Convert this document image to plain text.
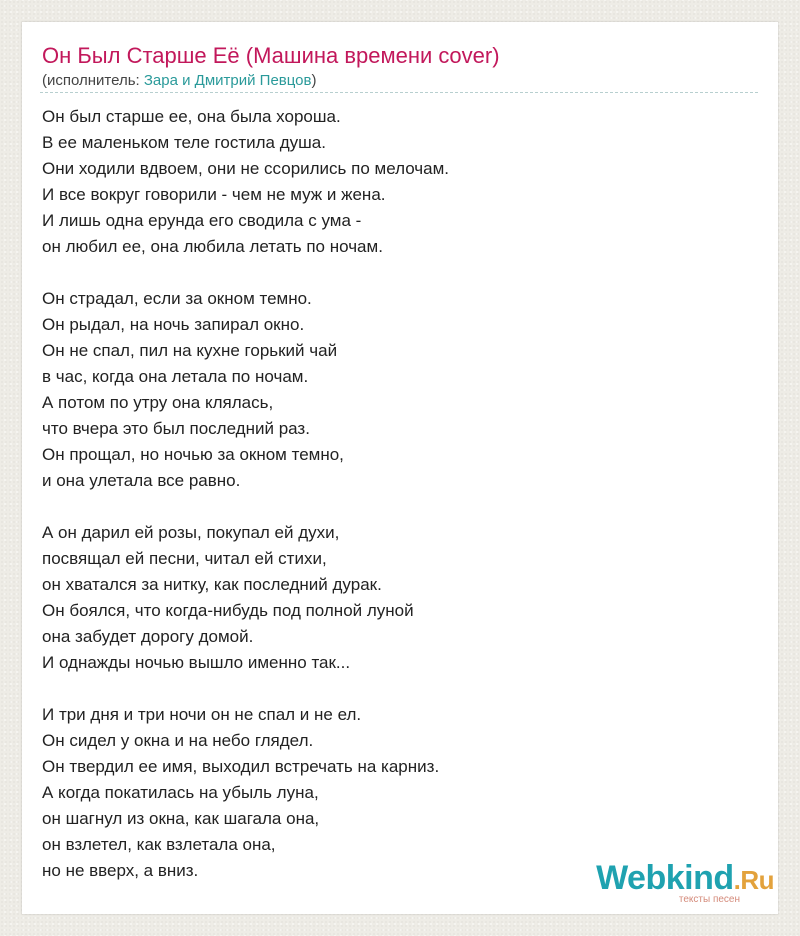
Он Был Старше Её (Машина времени cover)
(исполнитель: Зара и Дмитрий Певцов)
Он был старше ее, она была хороша.
В ее маленьком теле гостила душа.
Они ходили вдвоем, они не ссорились по мелочам.
И все вокруг говорили - чем не муж и жена.
И лишь одна ерунда его сводила с ума -
он любил ее, она любила летать по ночам.
Он страдал, если за окном темно.
Он рыдал, на ночь запирал окно.
Он не спал, пил на кухне горький чай
в час, когда она летала по ночам.
А потом по утру она клялась,
что вчера это был последний раз.
Он прощал, но ночью за окном темно,
и она улетала все равно.
А он дарил ей розы, покупал ей духи,
посвящал ей песни, читал ей стихи,
он хватался за нитку, как последний дурак.
Он боялся, что когда-нибудь под полной луной
она забудет дорогу домой.
И однажды ночью вышло именно так...
И три дня и три ночи он не спал и не ел.
Он сидел у окна и на небо глядел.
Он твердил ее имя, выходил встречать на карниз.
А когда покатилась на убыль луна,
он шагнул из окна, как шагала она,
он взлетел, как взлетала она,
но не вверх, а вниз.	Webkind.Ru
тексты песен
